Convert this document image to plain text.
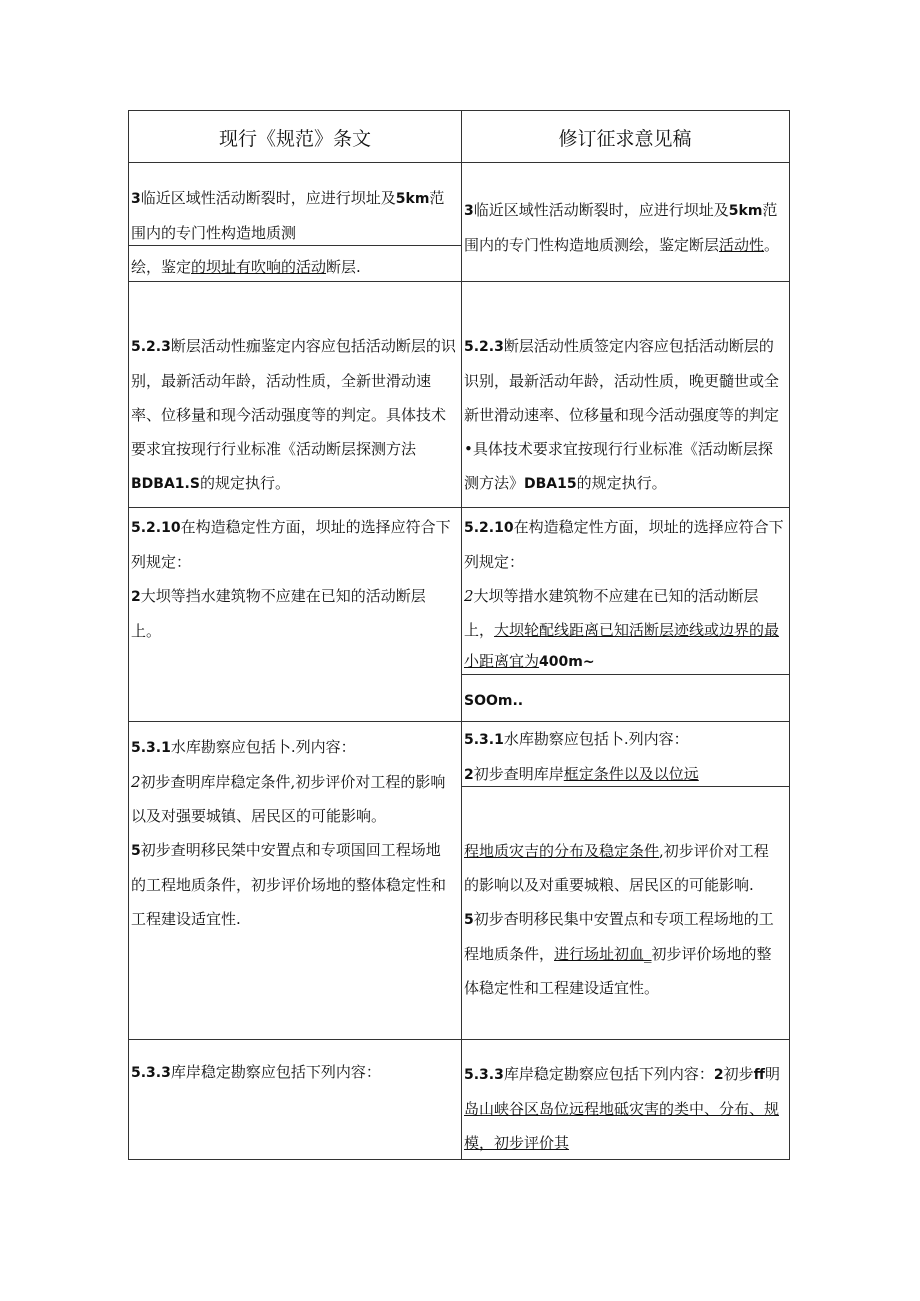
现行《规范》条文	修订征求意见稿
3临近区域性活动断裂时，应进行坝址及5km范
围内的专门性构造地质测
绘，鉴定的坝址有吹响的活动断层.
3临近区域性活动断裂时，应进行坝址及5km范
围内的专门性构造地质测绘，鉴定断层活动性。
5.2.3断层活动性痂鉴定内容应包括活动断层的识
别，最新活动年龄，活动性质，全新世滑动速
率、位移量和现今活动强度等的判定。具体技术
要求宜按现行行业标准《活动断层探测方法
BDBA1.S的规定执行。
5.2.3断层活动性质签定内容应包括活动断层的
识别，最新活动年龄，活动性质，晚更髓世或全
新世滑动速率、位移量和现今活动强度等的判定
•具体技术要求宜按现行行业标准《活动断层探
测方法》DBA15的规定执行。
5.2.10在构造稳定性方面，坝址的选择应符合下
列规定：
2大坝等挡水建筑物不应建在已知的活动断层
上。
5.2.10在构造稳定性方面，坝址的选择应符合下
列规定：
2大坝等措水建筑物不应建在已知的活动断层
上，大坝轮配线距离已知活断层迹线或边界的最
小距离宜为400m~
SOOm..
5.3.1水库勘察应包括卜.列内容：
2初步查明库岸稳定条件,初步评价对工程的影响
以及对强要城镇、居民区的可能影响。
5初步查明移民桀中安置点和专项国回工程场地
的工程地质条件，初步评价场地的整体稳定性和
工程建设适宜性.
5.3.1水库勘察应包括卜.列内容：
2初步查明库岸框定条件以及以位远
程地质灾吉的分布及稳定条件,初步评价对工程
的影响以及对重要城粮、居民区的可能影响.
5初步杳明移民集中安置点和专项工程场地的工
程地质条件，进行场址初血_初步评价场地的整
体稳定性和工程建设适宜性。
5.3.3库岸稳定勘察应包括下列内容：	5.3.3库岸稳定勘察应包括下列内容：2初步ff明
岛山峡谷区岛位远程地砥灾害的类中、分布、规
模，初步评价其
